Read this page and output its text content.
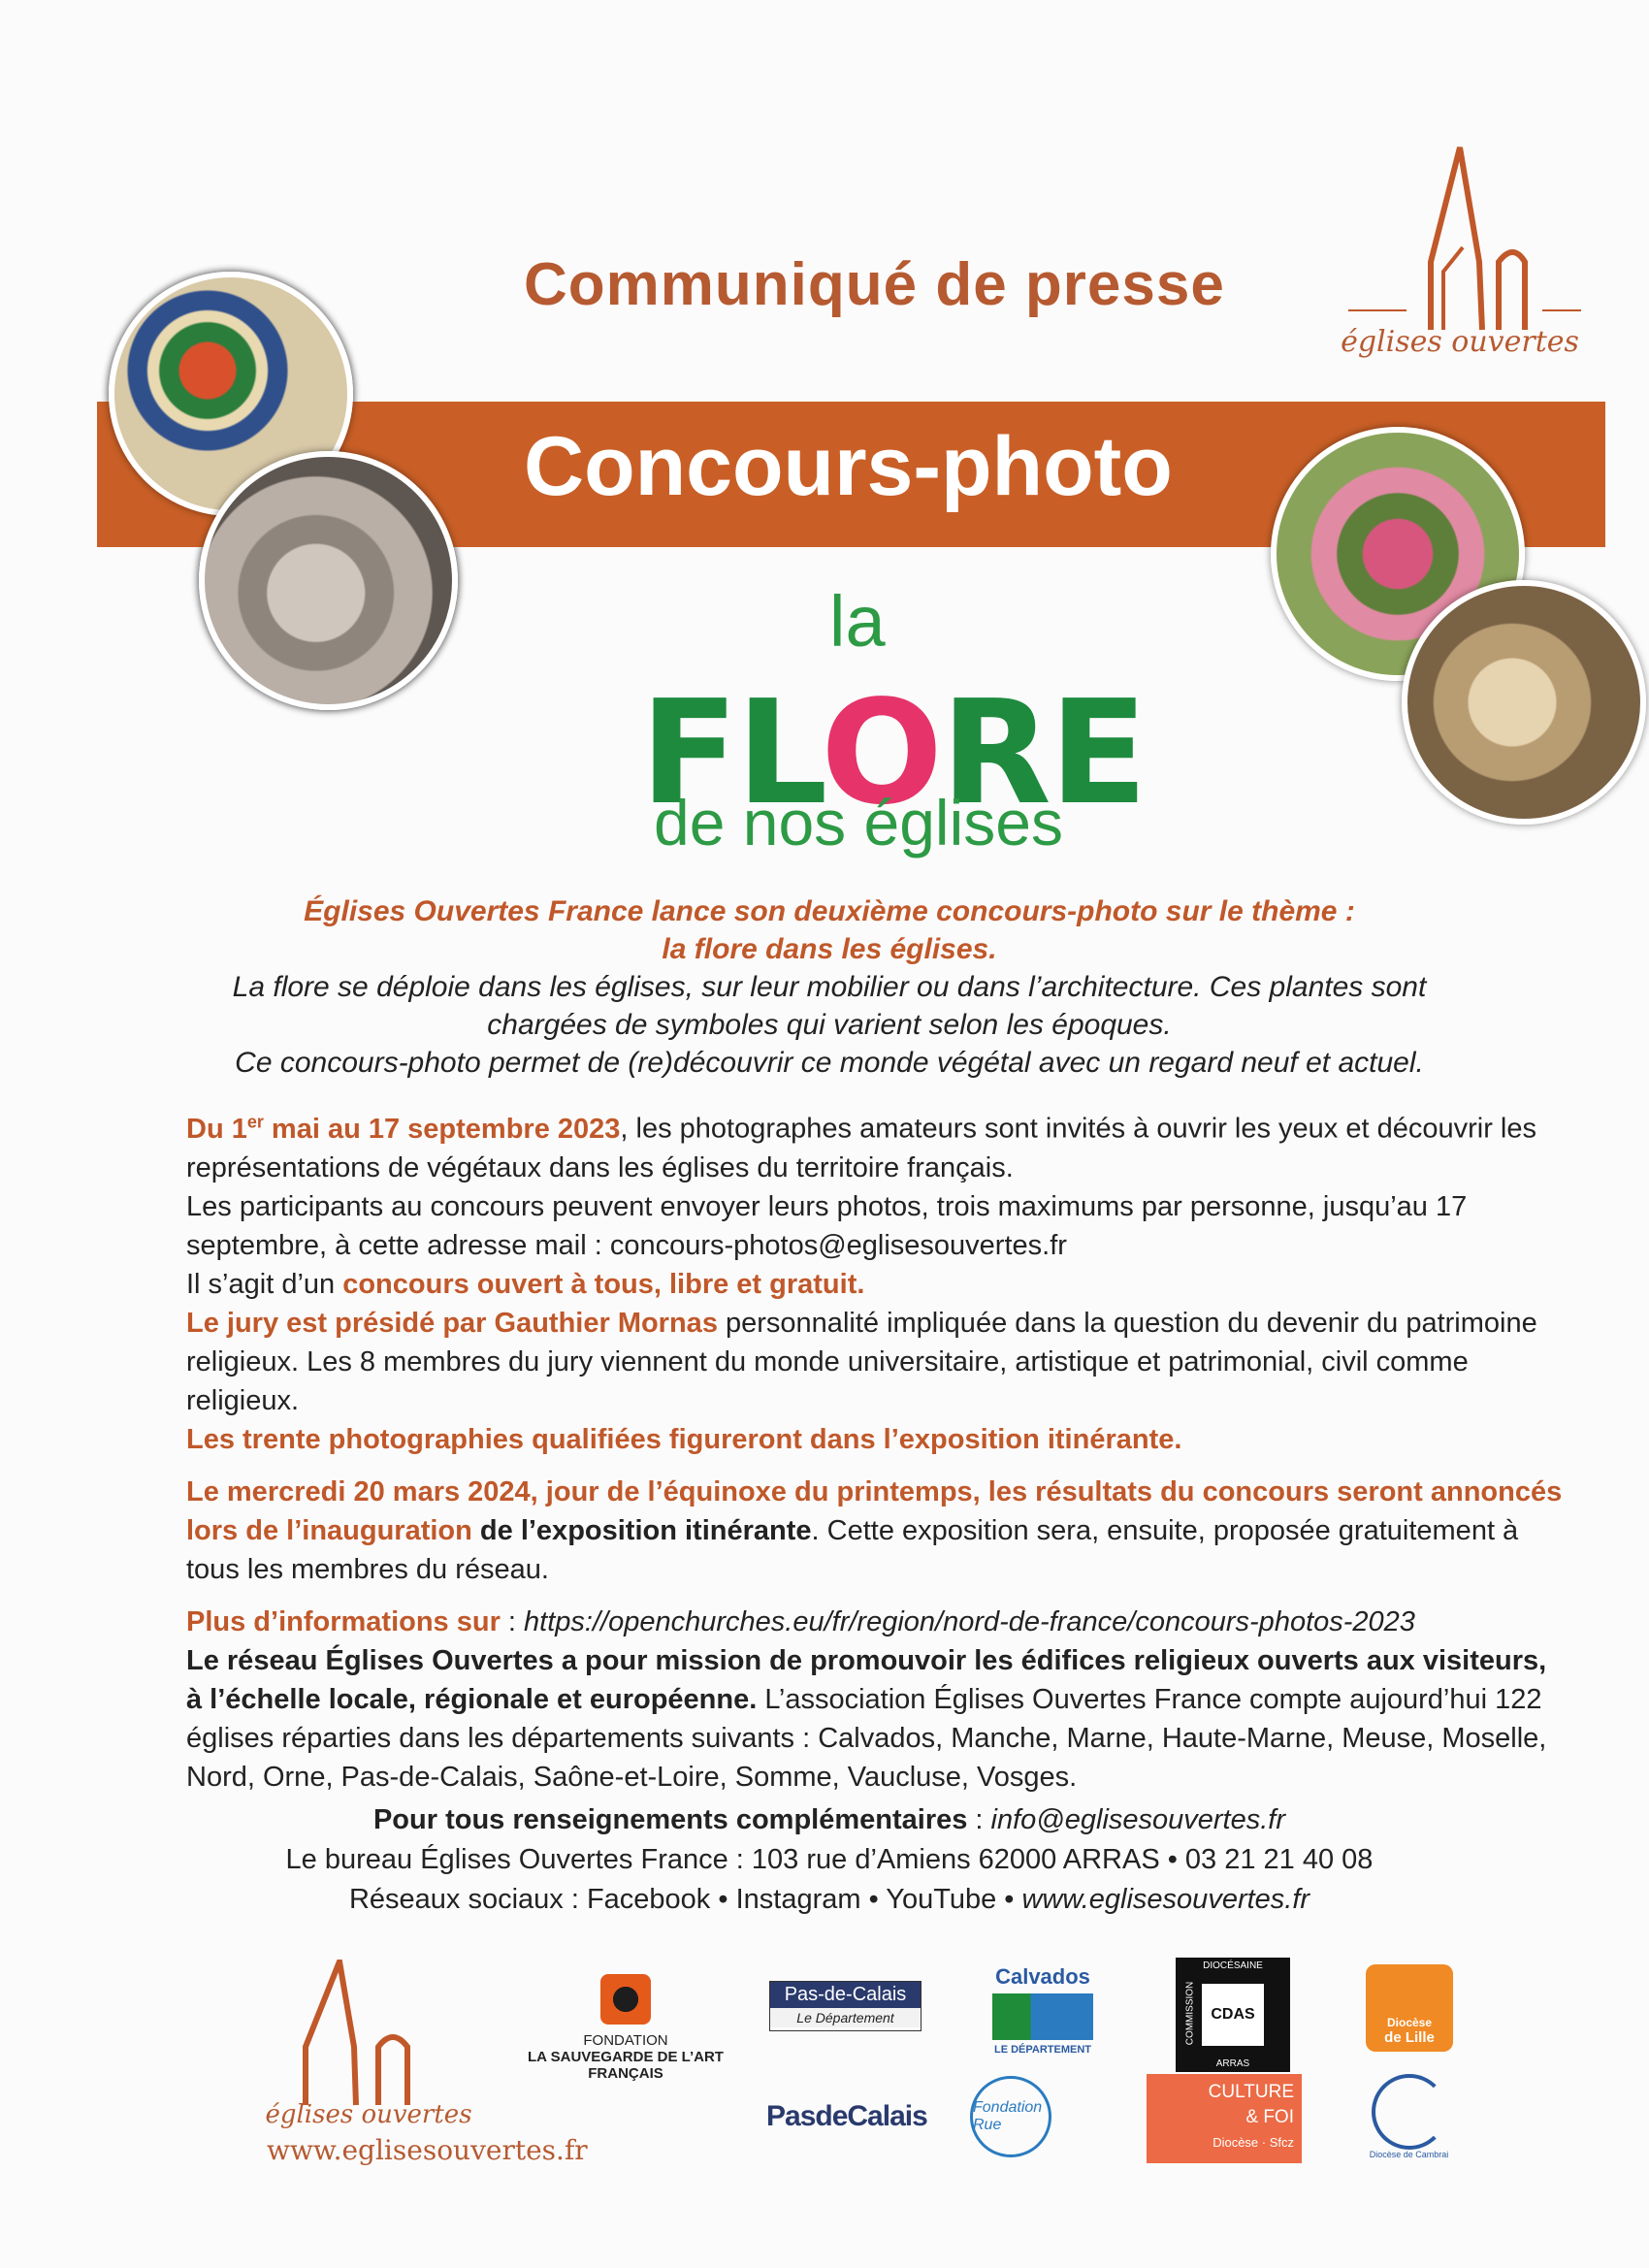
Communiqué de presse
églises ouvertes
Concours-photo
la
FLORE
de nos églises
Églises Ouvertes France lance son deuxième concours-photo sur le thème :
la flore dans les églises.
La flore se déploie dans les églises, sur leur mobilier ou dans l’architecture. Ces plantes sont
chargées de symboles qui varient selon les époques.
Ce concours-photo permet de (re)découvrir ce monde végétal avec un regard neuf et actuel.

Du 1er mai au 17 septembre 2023, les photographes amateurs sont invités à ouvrir les yeux et découvrir les représentations de végétaux dans les églises du territoire français.

Les participants au concours peuvent envoyer leurs photos, trois maximums par personne, jusqu’au 17 septembre, à cette adresse mail : concours-photos@eglisesouvertes.fr

Il s’agit d’un concours ouvert à tous, libre et gratuit.

Le jury est présidé par Gauthier Mornas personnalité impliquée dans la question du devenir du patrimoine religieux. Les 8 membres du jury viennent du monde universitaire, artistique et patrimonial, civil comme religieux.

Les trente photographies qualifiées figureront dans l’exposition itinérante.

Le mercredi 20 mars 2024, jour de l’équinoxe du printemps, les résultats du concours seront annoncés lors de l’inauguration de l’exposition itinérante. Cette exposition sera, ensuite, proposée gratuitement à tous les membres du réseau.

Plus d’informations sur : https://openchurches.eu/fr/region/nord-de-france/concours-photos-2023

Le réseau Églises Ouvertes a pour mission de promouvoir les édifices religieux ouverts aux visiteurs, à l’échelle locale, régionale et européenne. L’association Églises Ouvertes France compte aujourd’hui 122 églises réparties dans les départements suivants : Calvados, Manche, Marne, Haute-Marne, Meuse, Moselle, Nord, Orne, Pas-de-Calais, Saône-et-Loire, Somme, Vaucluse, Vosges.

Pour tous renseignements complémentaires : info@eglisesouvertes.fr
Le bureau Églises Ouvertes France : 103 rue d’Amiens 62000 ARRAS • 03 21 21 40 08
Réseaux sociaux : Facebook • Instagram • YouTube • www.eglisesouvertes.fr
églises ouvertes
www.eglisesouvertes.fr
FONDATION
LA SAUVEGARDE DE L’ART FRANÇAIS
Pas-de-Calais
Le Département
Calvados
LE DÉPARTEMENT
DIOCÉSAINE
COMMISSION CDAS
ARRAS
Diocèse
de Lille
PasdeCalais	Fondation Rue
CULTURE
& FOI
Diocèse · Sfcz
Diocèse de Cambrai
